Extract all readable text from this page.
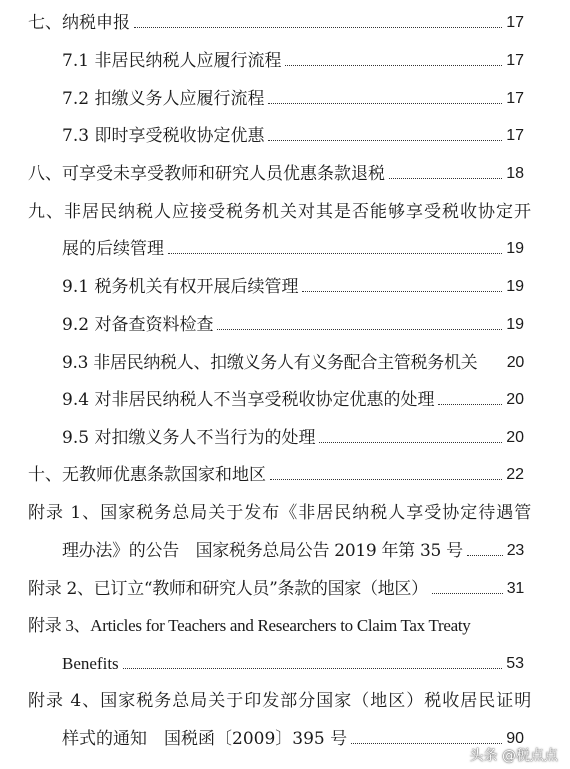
七、纳税申报	17
7.1 非居民纳税人应履行流程	17
7.2 扣缴义务人应履行流程	17
7.3 即时享受税收协定优惠	17
八、可享受未享受教师和研究人员优惠条款退税	18
九、非居民纳税人应接受税务机关对其是否能够享受税收协定开
展的后续管理	19
9.1 税务机关有权开展后续管理	19
9.2 对备查资料检查	19
9.3 非居民纳税人、扣缴义务人有义务配合主管税务机关 20
9.4 对非居民纳税人不当享受税收协定优惠的处理	20
9.5 对扣缴义务人不当行为的处理	20
十、无教师优惠条款国家和地区	22
附录 1、国家税务总局关于发布《非居民纳税人享受协定待遇管
理办法》的公告　国家税务总局公告 2019 年第 35 号	23
附录 2、已订立“教师和研究人员”条款的国家（地区）	31
附录 3、Articles for Teachers and Researchers to Claim Tax Treaty
Benefits	53
附录 4、国家税务总局关于印发部分国家（地区）税收居民证明
样式的通知　国税函〔2009〕395 号	90
头条 @税点点
